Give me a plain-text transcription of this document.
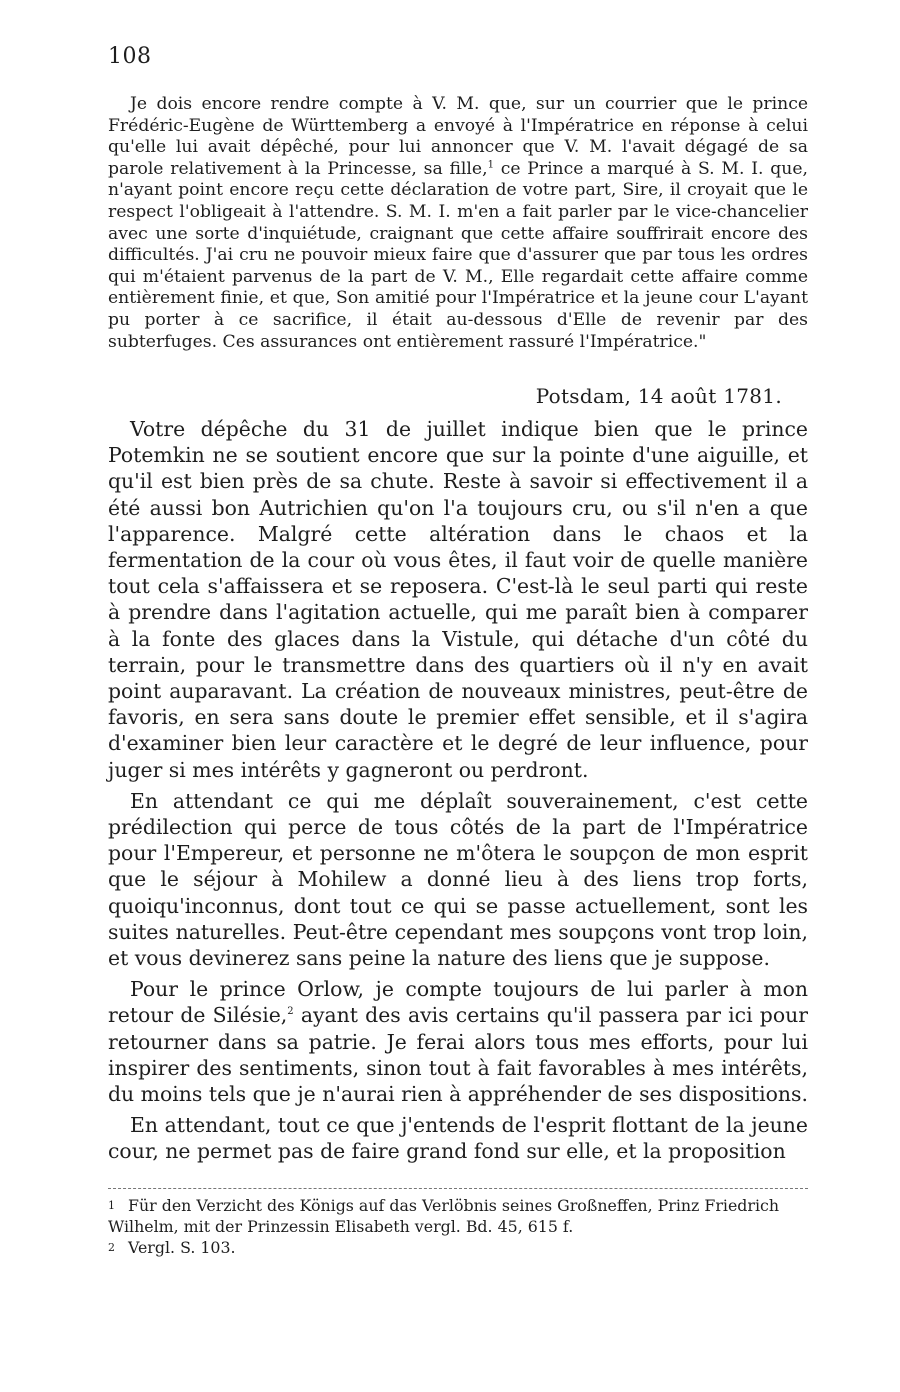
108

Je dois encore rendre compte à V. M. que, sur un courrier que le prince Frédéric-Eugène de Württemberg a envoyé à l'Impératrice en réponse à celui qu'elle lui avait dépêché, pour lui annoncer que V. M. l'avait dégagé de sa parole relativement à la Princesse, sa fille,$^1$ ce Prince a marqué à S. M. I. que, n'ayant point encore reçu cette déclaration de votre part, Sire, il croyait que le respect l'obligeait à l'attendre. S. M. I. m'en a fait parler par le vice-chancelier avec une sorte d'inquiétude, craignant que cette affaire souffrirait encore des difficultés. J'ai cru ne pouvoir mieux faire que d'assurer que par tous les ordres qui m'étaient parvenus de la part de V. M., Elle regardait cette affaire comme entièrement finie, et que, Son amitié pour l'Impératrice et la jeune cour L'ayant pu porter à ce sacrifice, il était au-dessous d'Elle de revenir par des subterfuges. Ces assurances ont entièrement rassuré l'Impératrice."

Potsdam, 14 août 1781.

Votre dépêche du 31 de juillet indique bien que le prince Potemkin ne se soutient encore que sur la pointe d'une aiguille, et qu'il est bien près de sa chute. Reste à savoir si effectivement il a été aussi bon Autrichien qu'on l'a toujours cru, ou s'il n'en a que l'apparence. Malgré cette altération dans le chaos et la fermentation de la cour où vous êtes, il faut voir de quelle manière tout cela s'affaissera et se reposera. C'est-là le seul parti qui reste à prendre dans l'agitation actuelle, qui me paraît bien à comparer à la fonte des glaces dans la Vistule, qui détache d'un côté du terrain, pour le transmettre dans des quartiers où il n'y en avait point auparavant. La création de nouveaux ministres, peut-être de favoris, en sera sans doute le premier effet sensible, et il s'agira d'examiner bien leur caractère et le degré de leur influence, pour juger si mes intérêts y gagneront ou perdront.

En attendant ce qui me déplaît souverainement, c'est cette prédilection qui perce de tous côtés de la part de l'Impératrice pour l'Empereur, et personne ne m'ôtera le soupçon de mon esprit que le séjour à Mohilew a donné lieu à des liens trop forts, quoiqu'inconnus, dont tout ce qui se passe actuellement, sont les suites naturelles. Peut-être cependant mes soupçons vont trop loin, et vous devinerez sans peine la nature des liens que je suppose.

Pour le prince Orlow, je compte toujours de lui parler à mon retour de Silésie,$^2$ ayant des avis certains qu'il passera par ici pour retourner dans sa patrie. Je ferai alors tous mes efforts, pour lui inspirer des sentiments, sinon tout à fait favorables à mes intérêts, du moins tels que je n'aurai rien à appréhender de ses dispositions.

En attendant, tout ce que j'entends de l'esprit flottant de la jeune cour, ne permet pas de faire grand fond sur elle, et la proposition

1 Für den Verzicht des Königs auf das Verlöbnis seines Großneffen, Prinz Friedrich Wilhelm, mit der Prinzessin Elisabeth vergl. Bd. 45, 615 f.

2 Vergl. S. 103.
